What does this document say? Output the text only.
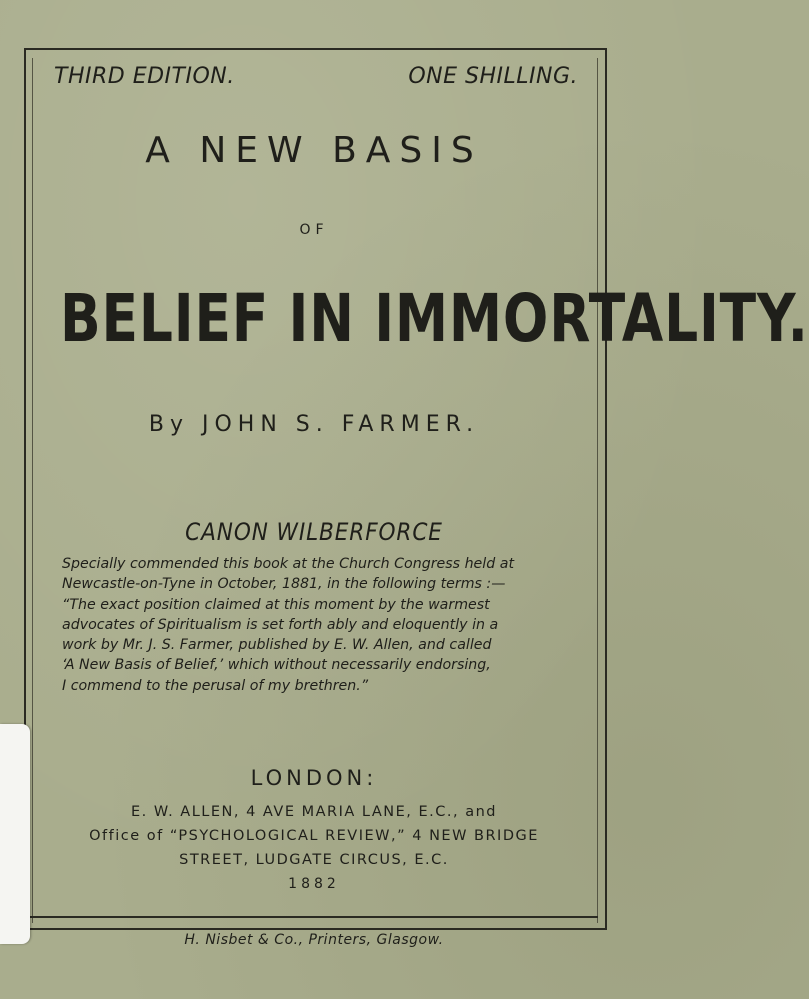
THIRD EDITION.	ONE SHILLING.
A NEW BASIS
OF
BELIEF IN IMMORTALITY.
By JOHN S. FARMER.
CANON WILBERFORCE
Specially commended this book at the Church Congress held at
Newcastle-on-Tyne in October, 1881, in the following terms :—
“The exact position claimed at this moment by the warmest
advocates of Spiritualism is set forth ably and eloquently in a
work by Mr. J. S. Farmer, published by E. W. Allen, and called
‘A New Basis of Belief,’ which without necessarily endorsing,
I commend to the perusal of my brethren.”
LONDON:
E. W. ALLEN, 4 AVE MARIA LANE, E.C., and
Office of “PSYCHOLOGICAL REVIEW,” 4 NEW BRIDGE
STREET, LUDGATE CIRCUS, E.C.
1882
H. Nisbet & Co., Printers, Glasgow.
